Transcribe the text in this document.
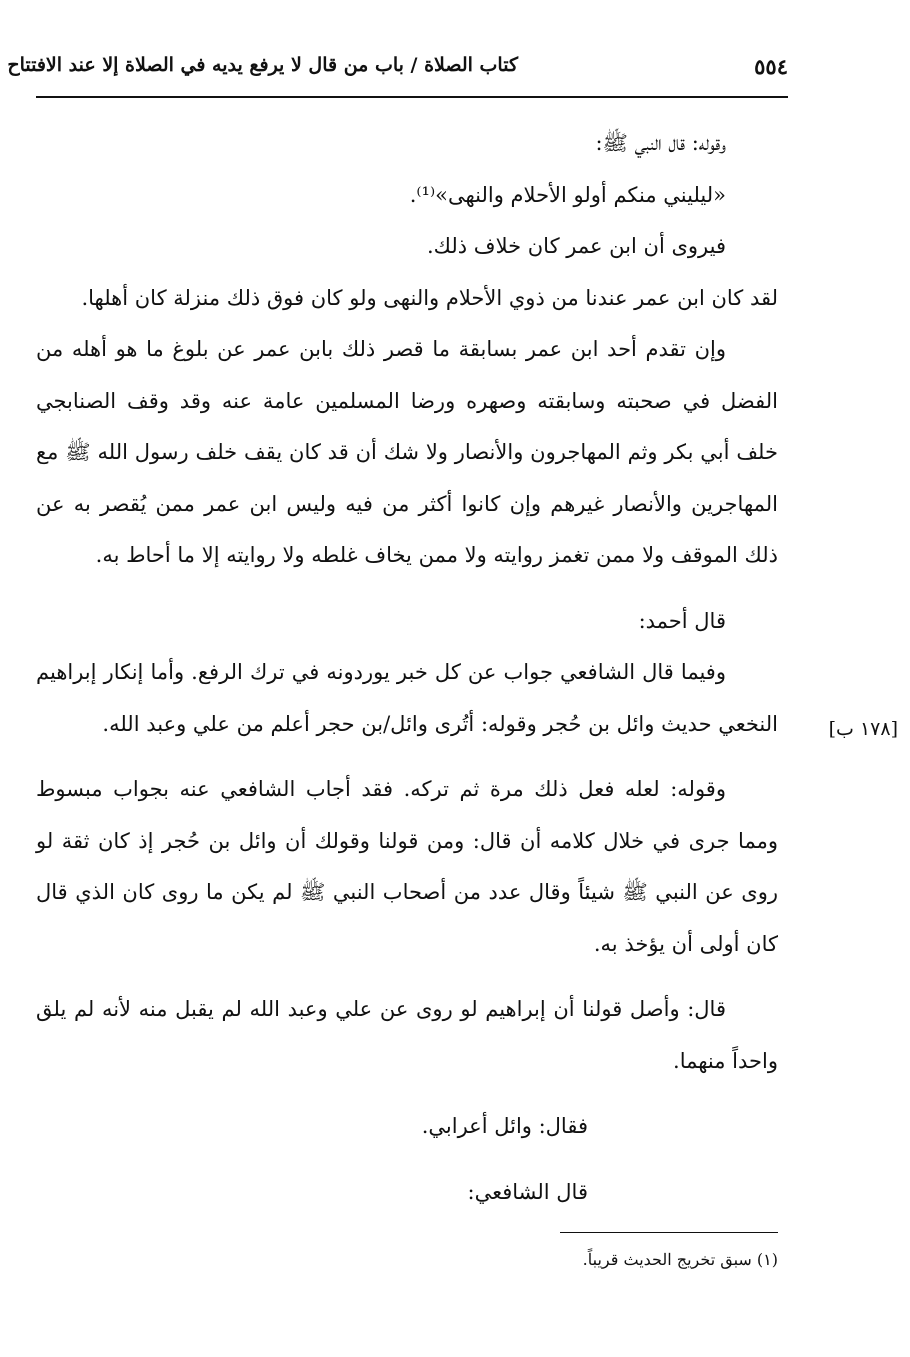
٥٥٤
كتاب الصلاة / باب من قال لا يرفع يديه في الصلاة إلا عند الافتتاح

وقوله: قال النبي ﷺ:

«ليليني منكم أولو الأحلام والنهى»⁽¹⁾.

فيروى أن ابن عمر كان خلاف ذلك.

لقد كان ابن عمر عندنا من ذوي الأحلام والنهى ولو كان فوق ذلك منزلة كان أهلها.

وإن تقدم أحد ابن عمر بسابقة ما قصر ذلك بابن عمر عن بلوغ ما هو أهله من الفضل في صحبته وسابقته وصهره ورضا المسلمين عامة عنه وقد وقف الصنابجي خلف أبي بكر وثم المهاجرون والأنصار ولا شك أن قد كان يقف خلف رسول الله ﷺ مع المهاجرين والأنصار غيرهم وإن كانوا أكثر من فيه وليس ابن عمر ممن يُقصر به عن ذلك الموقف ولا ممن تغمز روايته ولا ممن يخاف غلطه ولا روايته إلا ما أحاط به.

قال أحمد:

وفيما قال الشافعي جواب عن كل خبر يوردونه في ترك الرفع. وأما إنكار إبراهيم النخعي حديث وائل بن حُجر وقوله: أتُرى وائل/بن حجر أعلم من علي وعبد الله.

وقوله: لعله فعل ذلك مرة ثم تركه. فقد أجاب الشافعي عنه بجواب مبسوط ومما جرى في خلال كلامه أن قال: ومن قولنا وقولك أن وائل بن حُجر إذ كان ثقة لو روى عن النبي ﷺ شيئاً وقال عدد من أصحاب النبي ﷺ لم يكن ما روى كان الذي قال كان أولى أن يؤخذ به.

قال: وأصل قولنا أن إبراهيم لو روى عن علي وعبد الله لم يقبل منه لأنه لم يلق واحداً منهما.

فقال: وائل أعرابي.

قال الشافعي:

[١٧٨ ب]
(١) سبق تخريج الحديث قريباً.
